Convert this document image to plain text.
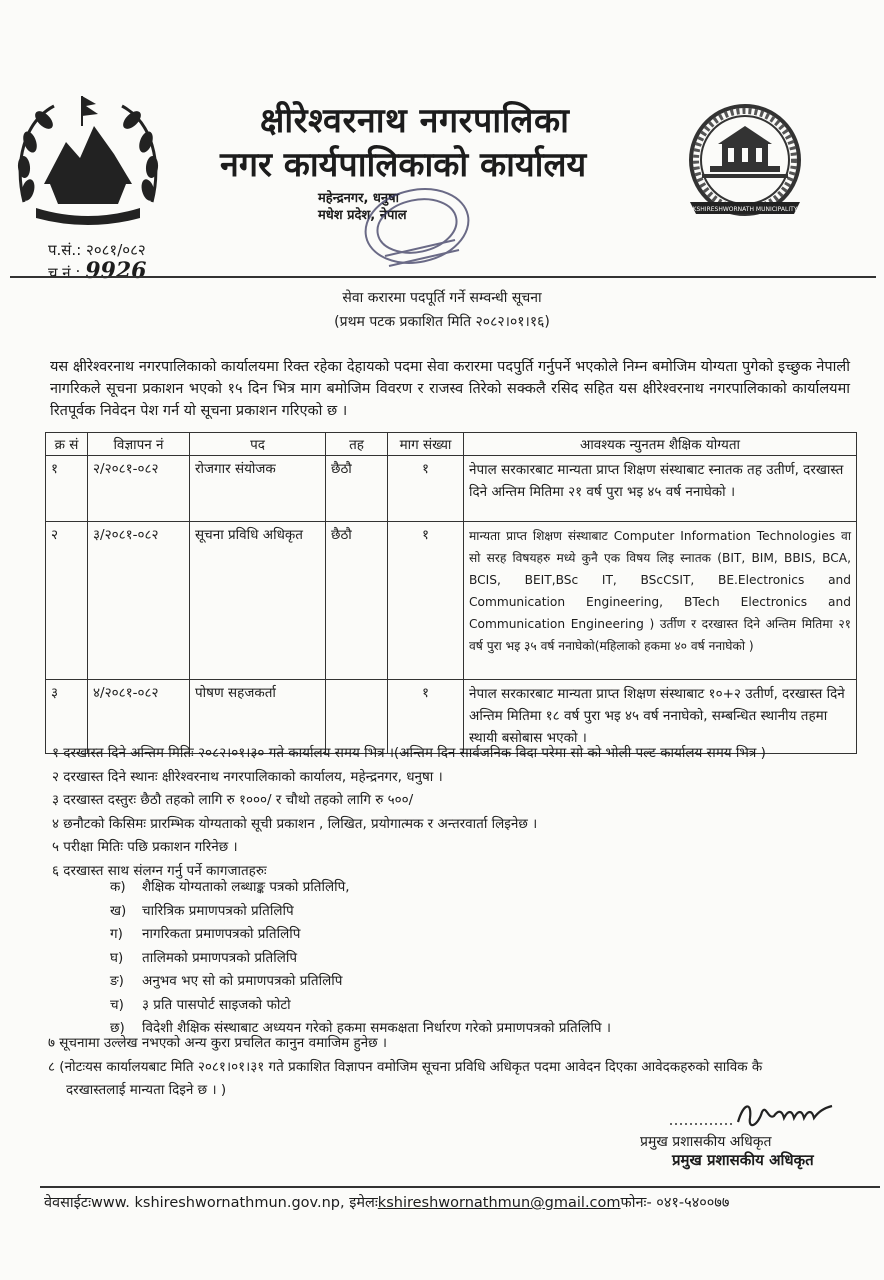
KSHIRESHWORNATH MUNICIPALITY
क्षीरेश्वरनाथ नगरपालिका
नगर कार्यपालिकाको कार्यालय
महेन्द्रनगर, धनुषा
मधेश प्रदेश, नेपाल
प.सं.: २०८१/०८२
च.नं.: 9926
सेवा करारमा पदपूर्ति गर्ने सम्वन्धी सूचना
(प्रथम पटक प्रकाशित मिति २०८२।०१।१६)
यस क्षीरेश्वरनाथ नगरपालिकाको कार्यालयमा रिक्त रहेका देहायको पदमा सेवा करारमा पदपुर्ति गर्नुपर्ने भएकोले निम्न बमोजिम योग्यता पुगेको इच्छुक नेपाली नागरिकले सूचना प्रकाशन भएको १५ दिन भित्र माग बमोजिम विवरण र राजस्व तिरेको सक्कलै रसिद सहित यस क्षीरेश्वरनाथ नगरपालिकाको कार्यालयमा रितपूर्वक निवेदन पेश गर्न यो सूचना प्रकाशन गरिएको छ ।
क्र सं	विज्ञापन नं	पद	तह	माग संख्या	आवश्यक न्युनतम शैक्षिक योग्यता
१	२/२०८१-०८२	रोजगार संयोजक	छैठौ	१	नेपाल सरकारबाट मान्यता प्राप्त शिक्षण संस्थाबाट स्नातक तह उतीर्ण, दरखास्त दिने अन्तिम मितिमा २१ वर्ष पुरा भइ ४५ वर्ष ननाघेको ।
२	३/२०८१-०८२	सूचना प्रविधि अधिकृत	छैठौ	१	मान्यता प्राप्त शिक्षण संस्थाबाट Computer Information Technologies वा सो सरह विषयहरु मध्ये कुनै एक विषय लिइ स्नातक (BIT, BIM, BBIS, BCA, BCIS, BEIT,BSc IT, BScCSIT, BE.Electronics and Communication Engineering, BTech Electronics and Communication Engineering ) उर्तीण र दरखास्त दिने अन्तिम मितिमा २१ वर्ष पुरा भइ ३५ वर्ष ननाघेको(महिलाको हकमा ४० वर्ष ननाघेको )
३	४/२०८१-०८२	पोषण सहजकर्ता		१	नेपाल सरकारबाट मान्यता प्राप्त शिक्षण संस्थाबाट १०+२ उतीर्ण, दरखास्त दिने अन्तिम मितिमा १८ वर्ष पुरा भइ ४५ वर्ष ननाघेको, सम्बन्धित स्थानीय तहमा स्थायी बसोबास भएको ।
१ दरखास्त दिने अन्तिम मितिः २०८२।०१।३० गते कार्यालय समय भित्र ।(अन्तिम दिन सार्वजनिक विदा परेमा सो को भोली पल्ट कार्यालय समय भित्र )
२ दरखास्त दिने स्थानः क्षीरेश्वरनाथ नगरपालिकाको कार्यालय, महेन्द्रनगर, धनुषा ।
३ दरखास्त दस्तुरः छैठौ तहको लागि रु १०००/ र चौथो तहको लागि रु ५००/
४ छनौटको किसिमः प्रारम्भिक योग्यताको सूची प्रकाशन , लिखित, प्रयोगात्मक र अन्तरवार्ता लिइनेछ ।
५ परीक्षा मितिः पछि प्रकाशन गरिनेछ ।
६ दरखास्त साथ संलग्न गर्नु पर्ने कागजातहरुः
क) शैक्षिक योग्यताको लब्धाङ्क पत्रको प्रतिलिपि,
ख) चारित्रिक प्रमाणपत्रको प्रतिलिपि
ग) नागरिकता प्रमाणपत्रको प्रतिलिपि
घ) तालिमको प्रमाणपत्रको प्रतिलिपि
ङ) अनुभव भए सो को प्रमाणपत्रको प्रतिलिपि
च) ३ प्रति पासपोर्ट साइजको फोटो
छ) विदेशी शैक्षिक संस्थाबाट अध्ययन गरेको हकमा समकक्षता निर्धारण गरेको प्रमाणपत्रको प्रतिलिपि ।
७ सूचनामा उल्लेख नभएको अन्य कुरा प्रचलित कानुन वमाजिम हुनेछ ।
८ (नोटःयस कार्यालयबाट मिति २०८१।०१।३१ गते प्रकाशित विज्ञापन वमोजिम सूचना प्रविधि अधिकृत पदमा आवेदन दिएका आवेदकहरुको साविक कै
दरखास्तलाई मान्यता दिइने छ । )
प्रमुख प्रशासकीय अधिकृत
प्रमुख प्रशासकीय अधिकृत
वेवसाईटःwww. kshireshwornathmun.gov.np, इमेलःkshireshwornathmun@gmail.comफोनः- ०४१-५४००७७
